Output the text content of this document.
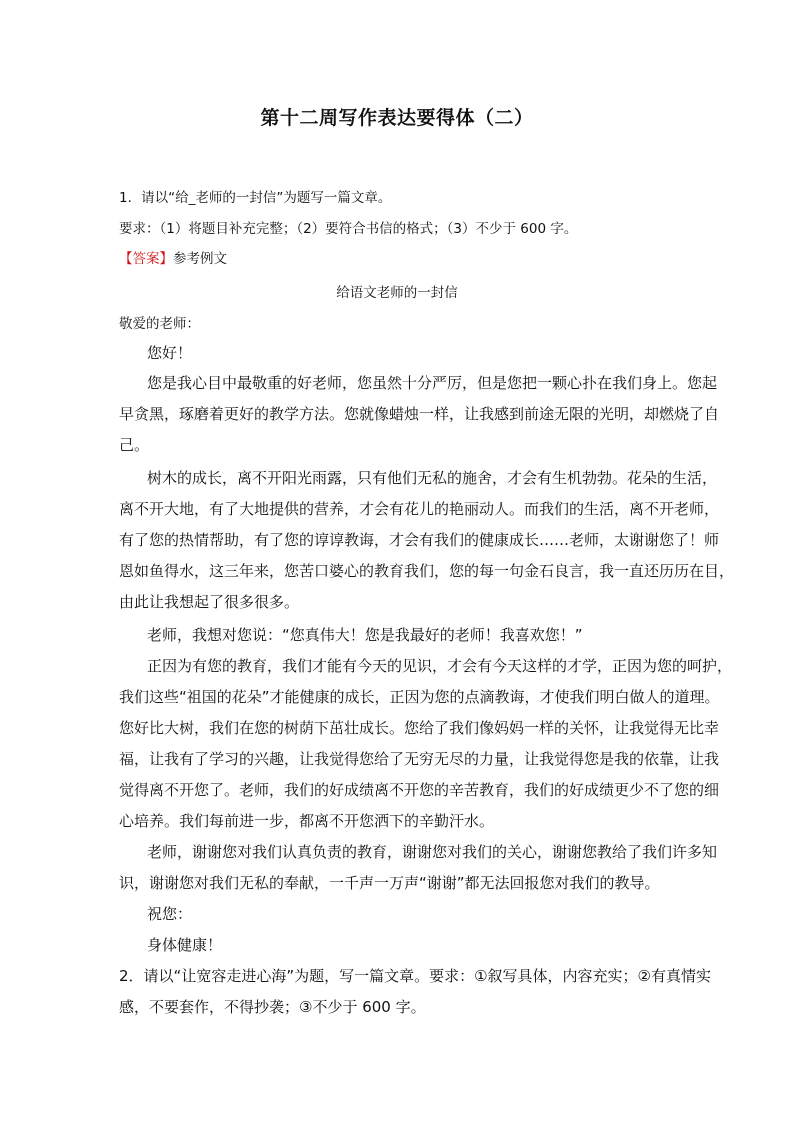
第十二周写作表达要得体（二）
1．请以“给_老师的一封信”为题写一篇文章。
要求：（1）将题目补充完整；（2）要符合书信的格式；（3）不少于 600 字。
【答案】参考例文
给语文老师的一封信
敬爱的老师：
您好！
您是我心目中最敬重的好老师，您虽然十分严厉，但是您把一颗心扑在我们身上。您起
早贪黑，琢磨着更好的教学方法。您就像蜡烛一样，让我感到前途无限的光明，却燃烧了自
己。
树木的成长，离不开阳光雨露，只有他们无私的施舍，才会有生机勃勃。花朵的生活，
离不开大地，有了大地提供的营养，才会有花儿的艳丽动人。而我们的生活，离不开老师，
有了您的热情帮助，有了您的谆谆教诲，才会有我们的健康成长……老师，太谢谢您了！师
恩如鱼得水，这三年来，您苦口婆心的教育我们，您的每一句金石良言，我一直还历历在目，
由此让我想起了很多很多。
老师，我想对您说：“您真伟大！您是我最好的老师！我喜欢您！”
正因为有您的教育，我们才能有今天的见识，才会有今天这样的才学，正因为您的呵护，
我们这些“祖国的花朵”才能健康的成长，正因为您的点滴教诲，才使我们明白做人的道理。
您好比大树，我们在您的树荫下茁壮成长。您给了我们像妈妈一样的关怀，让我觉得无比幸
福，让我有了学习的兴趣，让我觉得您给了无穷无尽的力量，让我觉得您是我的依靠，让我
觉得离不开您了。老师，我们的好成绩离不开您的辛苦教育，我们的好成绩更少不了您的细
心培养。我们每前进一步，都离不开您洒下的辛勤汗水。
老师，谢谢您对我们认真负责的教育，谢谢您对我们的关心，谢谢您教给了我们许多知
识，谢谢您对我们无私的奉献，一千声一万声“谢谢”都无法回报您对我们的教导。
祝您：
身体健康！
2．请以“让宽容走进心海”为题，写一篇文章。要求：①叙写具体，内容充实；②有真情实
感，不要套作，不得抄袭；③不少于 600 字。
